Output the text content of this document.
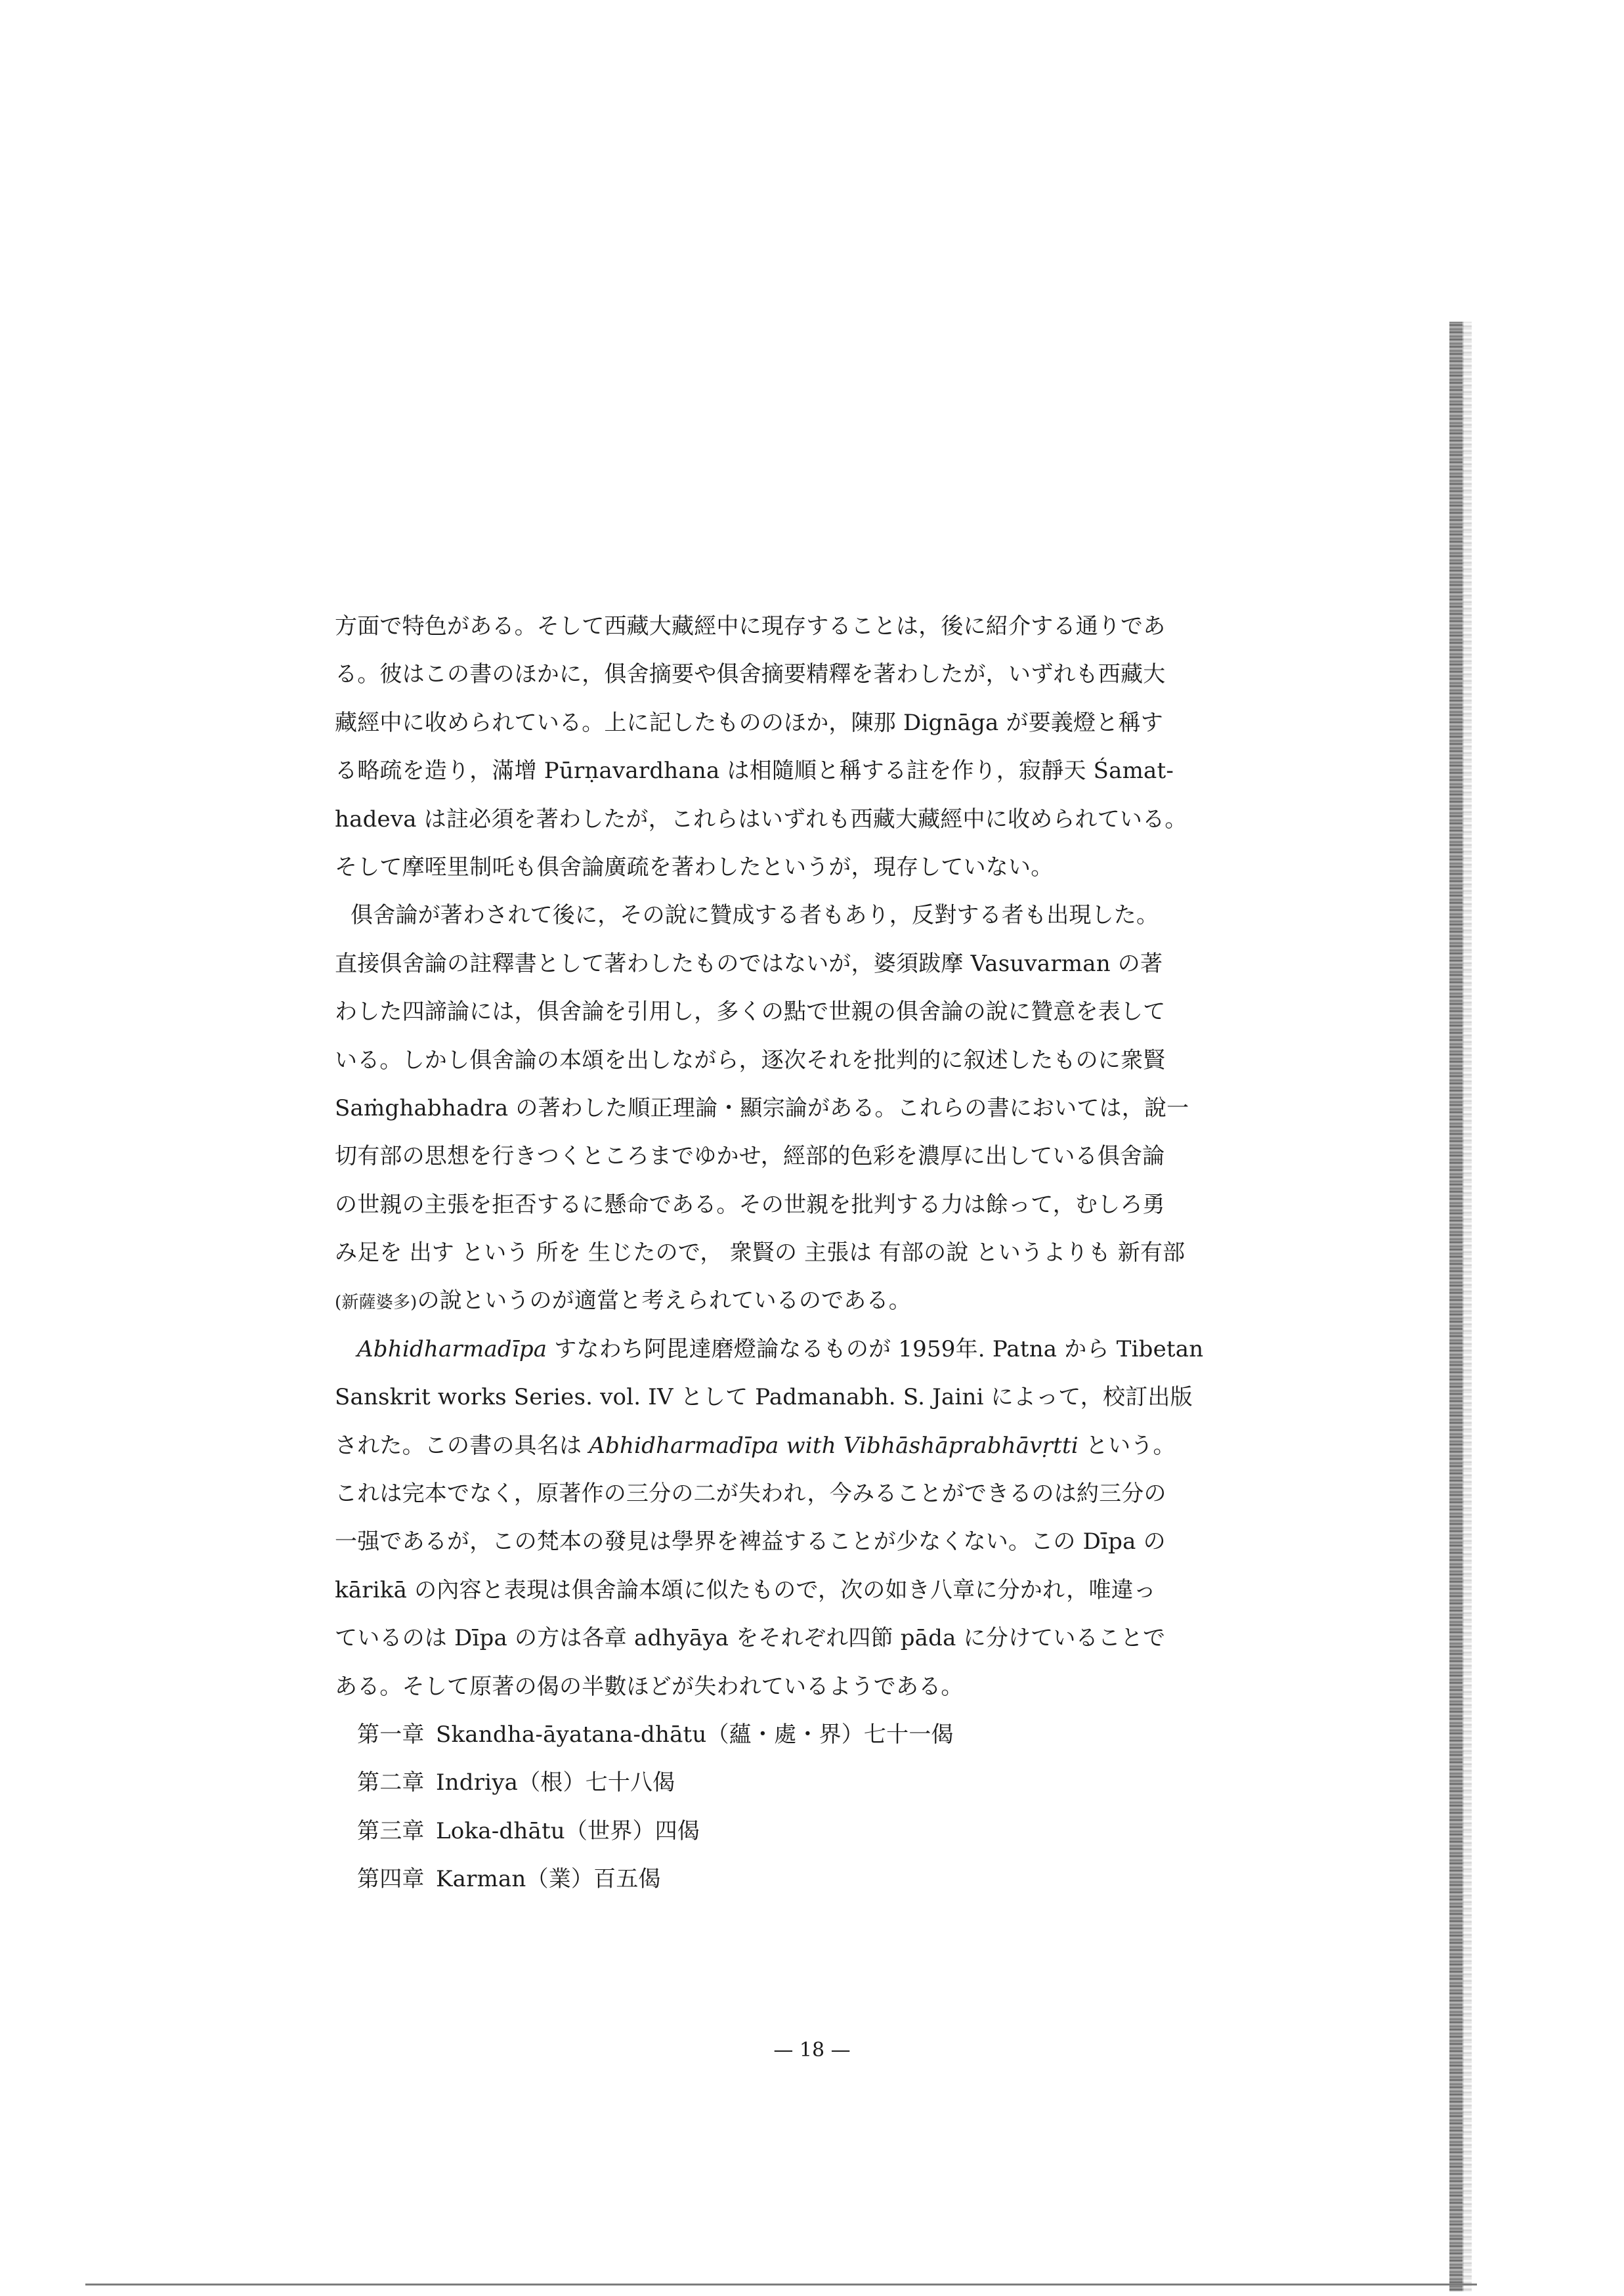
方面で特色がある。そして西藏大藏經中に現存することは，後に紹介する通りであ
る。彼はこの書のほかに，俱舍摘要や俱舍摘要精釋を著わしたが，いずれも西藏大
藏經中に收められている。上に記したもののほか，陳那 Dignāga が要義燈と稱す
る略疏を造り，滿增 Pūrṇavardhana は相隨順と稱する註を作り，寂靜天 Śamat-
hadeva は註必須を著わしたが，これらはいずれも西藏大藏經中に收められている。
そして摩咥里制吒も俱舍論廣疏を著わしたというが，現存していない。
俱舍論が著わされて後に，その說に贊成する者もあり，反對する者も出現した。
直接俱舍論の註釋書として著わしたものではないが，婆須跋摩 Vasuvarman の著
わした四諦論には，俱舍論を引用し，多くの點で世親の俱舍論の說に贊意を表して
いる。しかし俱舍論の本頌を出しながら，逐次それを批判的に叙述したものに衆賢
Saṁghabhadra の著わした順正理論・顯宗論がある。これらの書においては，說一
切有部の思想を行きつくところまでゆかせ，經部的色彩を濃厚に出している俱舍論
の世親の主張を拒否するに懸命である。その世親を批判する力は餘って，むしろ勇
み足を 出す という 所を 生じたので， 衆賢の 主張は 有部の說 というよりも 新有部
(新薩婆多)の說というのが適當と考えられているのである。
Abhidharmadīpa すなわち阿毘達磨燈論なるものが 1959年. Patna から Tibetan
Sanskrit works Series. vol. IV として Padmanabh. S. Jaini によって，校訂出版
された。この書の具名は Abhidharmadīpa with Vibhāshāprabhāvṛtti という。
これは完本でなく，原著作の三分の二が失われ，今みることができるのは約三分の
一强であるが，この梵本の發見は學界を裨益することが少なくない。この Dīpa の
kārikā の內容と表現は俱舍論本頌に似たもので，次の如き八章に分かれ，唯違っ
ているのは Dīpa の方は各章 adhyāya をそれぞれ四節 pāda に分けていることで
ある。そして原著の偈の半數ほどが失われているようである。
第一章 Skandha-āyatana-dhātu（蘊・處・界）七十一偈
第二章 Indriya（根）七十八偈
第三章 Loka-dhātu（世界）四偈
第四章 Karman（業）百五偈
— 18 —
